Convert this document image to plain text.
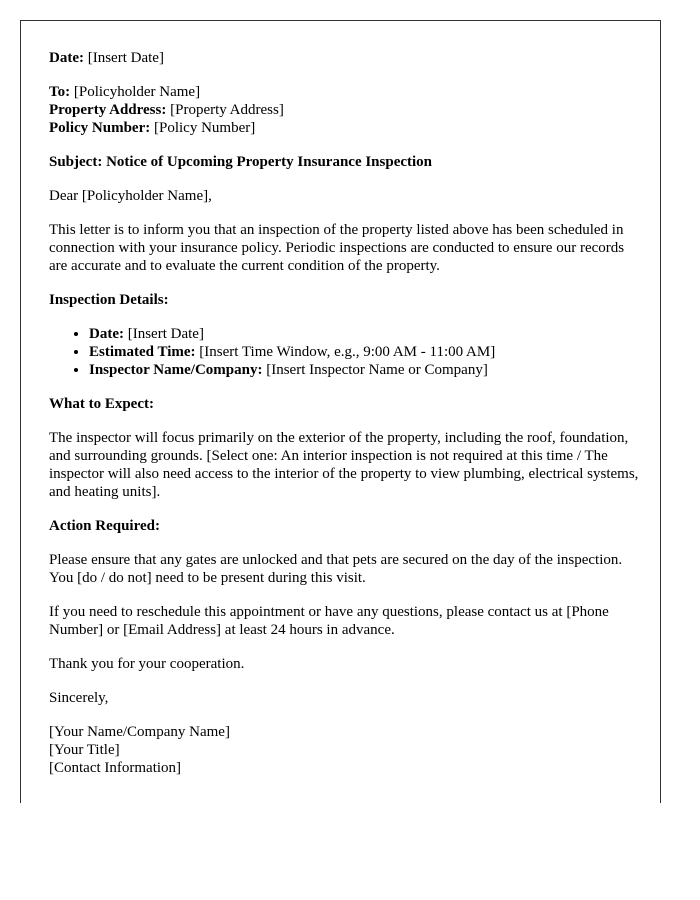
Date: [Insert Date]

To: [Policyholder Name]
Property Address: [Property Address]
Policy Number: [Policy Number]

Subject: Notice of Upcoming Property Insurance Inspection

Dear [Policyholder Name],

This letter is to inform you that an inspection of the property listed above has been scheduled in connection with your insurance policy. Periodic inspections are conducted to ensure our records are accurate and to evaluate the current condition of the property.

Inspection Details:

• Date: [Insert Date]
• Estimated Time: [Insert Time Window, e.g., 9:00 AM - 11:00 AM]
• Inspector Name/Company: [Insert Inspector Name or Company]

What to Expect:

The inspector will focus primarily on the exterior of the property, including the roof, foundation, and surrounding grounds. [Select one: An interior inspection is not required at this time / The inspector will also need access to the interior of the property to view plumbing, electrical systems, and heating units].

Action Required:

Please ensure that any gates are unlocked and that pets are secured on the day of the inspection. You [do / do not] need to be present during this visit.

If you need to reschedule this appointment or have any questions, please contact us at [Phone Number] or [Email Address] at least 24 hours in advance.

Thank you for your cooperation.

Sincerely,

[Your Name/Company Name]
[Your Title]
[Contact Information]
